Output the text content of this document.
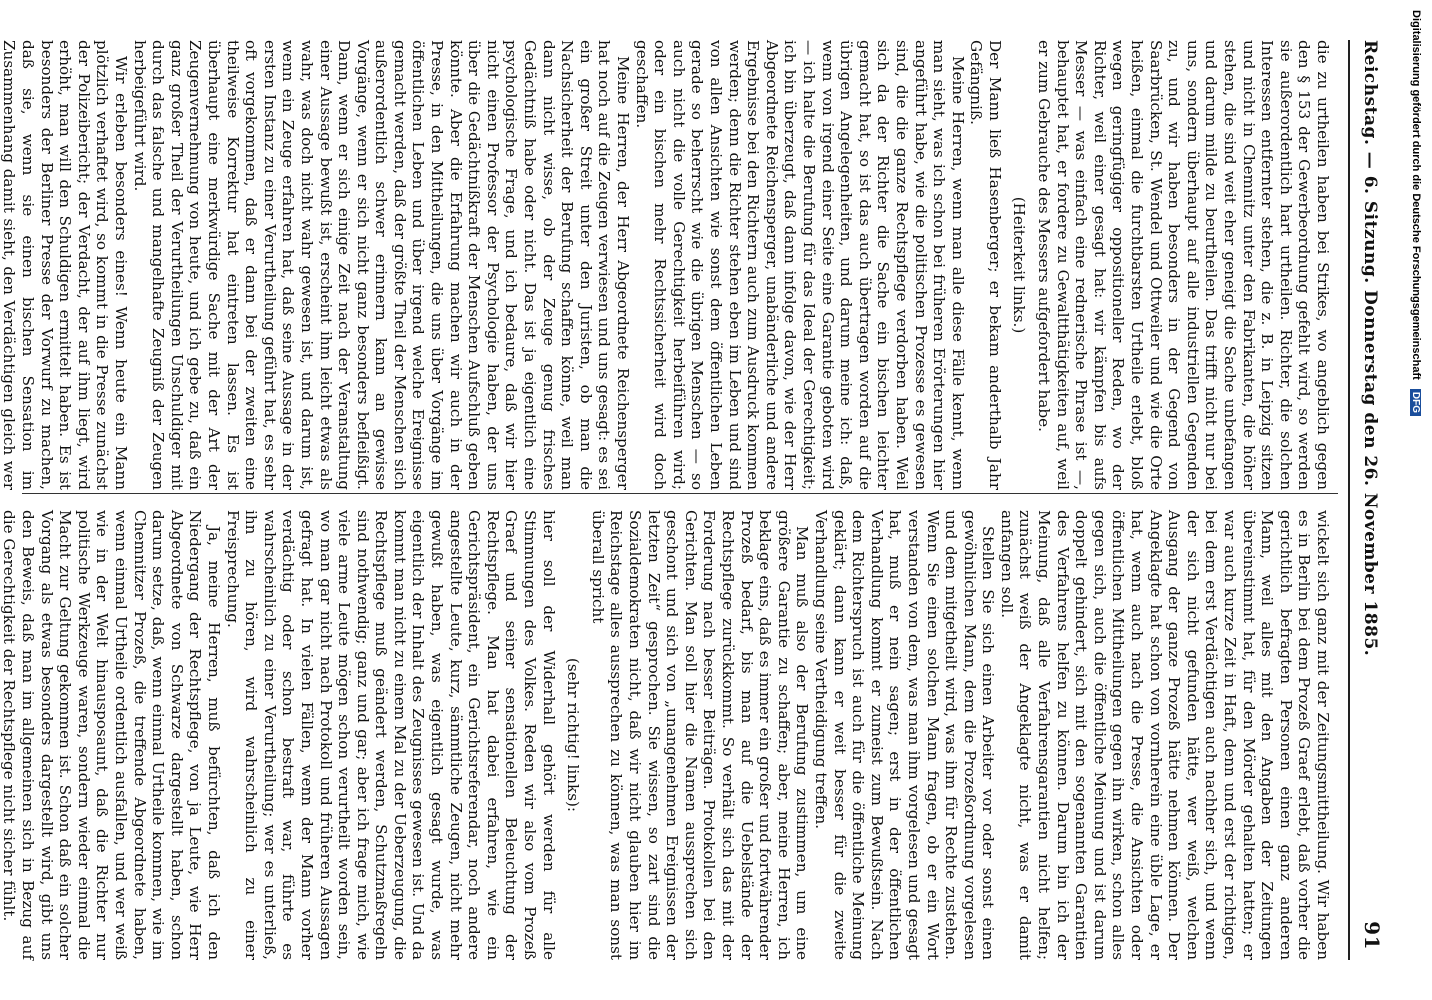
Reichstag. — 6. Sitzung. Donnerstag den 26. November 1885.
91

die zu urtheilen haben bei Strikes, wo angeblich gegen den § 153 der Gewerbeordnung gefehlt wird, so werden sie außerordentlich hart urtheilen. Richter, die solchen Interessen entfernter stehen, die z. B. in Leipzig sitzen und nicht in Chemnitz unter den Fabrikanten, die höher stehen, die sind weit eher geneigt die Sache unbefangen und darum milde zu beurtheilen. Das trifft nicht nur bei uns, sondern überhaupt auf alle industriellen Gegenden zu, und wir haben besonders in der Gegend von Saarbrücken, St. Wendel und Ottweiler und wie die Orte heißen, einmal die furchtbarsten Urtheile erlebt, bloß wegen geringfügiger oppositioneller Reden, wo der Richter, weil einer gesagt hat: wir kämpfen bis aufs Messer — was einfach eine rednerische Phrase ist —, behauptet hat, er fordere zu Gewaltthätigkeiten auf, weil er zum Gebrauche des Messers aufgefordert habe.

(Heiterkeit links.)

Der Mann ließ Hasenberger; er bekam anderthalb Jahr Gefängniß.

Meine Herren, wenn man alle diese Fälle kennt, wenn man sieht, was ich schon bei früheren Erörterungen hier angeführt habe, wie die politischen Prozesse es gewesen sind, die die ganze Rechtspflege verdorben haben. Weil sich da der Richter die Sache ein bischen leichter gemacht hat, so ist das auch übertragen worden auf die übrigen Angelegenheiten, und darum meine ich: daß, wenn von irgend einer Seite eine Garantie geboten wird — ich halte die Berufung für das Ideal der Gerechtigkeit; ich bin überzeugt, daß dann infolge davon, wie der Herr Abgeordnete Reichensperger, unabänderliche und andere Ergebnisse bei den Richtern auch zum Ausdruck kommen werden; denn die Richter stehen eben im Leben und sind von allen Ansichten wie sonst dem öffentlichen Leben gerade so beherrscht wie die übrigen Menschen — so auch nicht die volle Gerechtigkeit herbeiführen wird; oder ein bischen mehr Rechtssicherheit wird doch geschaffen.

Meine Herren, der Herr Abgeordnete Reichensperger hat noch auf die Zeugen verwiesen und uns gesagt: es sei ein großer Streit unter den Juristen, ob man die Nachsicherheit der Berufung schaffen könne, weil man dann nicht wisse, ob der Zeuge genug frisches Gedächtniß habe oder nicht. Das ist ja eigentlich eine psychologische Frage, und ich bedaure, daß wir hier nicht einen Professor der Psychologie haben, der uns über die Gedächtnißkraft der Menschen Aufschluß geben könnte. Aber die Erfahrung machen wir auch in der Presse, in den Mittheilungen, die uns über Vorgänge im öffentlichen Leben und über irgend welche Ereignisse gemacht werden, daß der größte Theil der Menschen sich außerordentlich schwer erinnern kann an gewisse Vorgänge, wenn er sich nicht ganz besonders befleißigt. Dann, wenn er sich einige Zeit nach der Veranstaltung einer Aussage bewußt ist, erscheint ihm leicht etwas als wahr, was doch nicht wahr gewesen ist, und darum ist, wenn ein Zeuge erfahren hat, daß seine Aussage in der ersten Instanz zu einer Verurtheilung geführt hat, es sehr oft vorgekommen, daß er dann bei der zweiten eine theilweise Korrektur hat eintreten lassen. Es ist überhaupt eine merkwürdige Sache mit der Art der Zeugenvernehmung von heute, und ich gebe zu, daß ein ganz großer Theil der Verurtheilungen Unschuldiger mit durch das falsche und mangelhafte Zeugniß der Zeugen herbeigeführt wird.

Wir erleben besonders eines! Wenn heute ein Mann plötzlich verhaftet wird, so kommt in die Presse zunächst der Polizeibericht; der Verdacht, der auf ihm liegt, wird erhöht, man will den Schuldigen ermittelt haben. Es ist besonders der Berliner Presse der Vorwurf zu machen, daß sie, wenn sie einen bischen Sensation im Zusammenhang damit sieht, den Verdächtigen gleich wer

wickelt sich ganz mit der Zeitungsmittheilung. Wir haben es in Berlin bei dem Prozeß Graef erlebt, daß vorher die gerichtlich befragten Personen einen ganz anderen Mann, weil alles mit den Angaben der Zeitungen übereinstimmt hat, für den Mörder gehalten hatten; er war auch kurze Zeit in Haft, denn und erst der richtigen, bei dem erst Verdächtigen auch nachher sich, und wenn der sich nicht gefunden hätte, wer weiß, welchen Ausgang der ganze Prozeß hätte nehmen können. Der Angeklagte hat schon von vornherein eine üble Lage, er hat, wenn auch nach die Presse, die Ansichten oder öffentlichen Mittheilungen gegen ihn wirken, schon alles gegen sich, auch die öffentliche Meinung und ist darum doppelt gehindert, sich mit den sogenannten Garantien des Verfahrens helfen zu können. Darum bin ich der Meinung, daß alle Verfahrensgarantien nicht helfen; zunächst weiß der Angeklagte nicht, was er damit anfangen soll.

Stellen Sie sich einen Arbeiter vor oder sonst einen gewöhnlichen Mann, dem die Prozeßordnung vorgelesen und dem mitgetheilt wird, was ihm für Rechte zustehen. Wenn Sie einen solchen Mann fragen, ob er ein Wort verstanden von dem, was man ihm vorgelesen und gesagt hat, muß er nein sagen; erst in der öffentlichen Verhandlung kommt er zumeist zum Bewußtsein. Nach dem Richterspruch ist auch für die öffentliche Meinung geklärt; dann kann er weit besser für die zweite Verhandlung seine Vertheidigung treffen.

Man muß also der Berufung zustimmen, um eine größere Garantie zu schaffen; aber, meine Herren, ich beklage eins, daß es immer ein großer und fortwährender Prozeß bedarf, bis man auf die Uebelstände der Rechtspflege zurückkommt. So verhält sich das mit der Forderung nach besser Beiträgen. Protokollen bei den Gerichten. Man soll hier die Namen aussprechen sich geschont und sich von „unangenehmen Ereignissen der letzten Zeit“ gesprochen. Sie wissen, so zart sind die Sozialdemokraten nicht, daß wir nicht glauben hier im Reichstage alles aussprechen zu können, was man sonst überall spricht

(sehr richtig! links):

hier soll der Widerhall gehört werden für alle Stimmungen des Volkes. Reden wir also vom Prozeß Graef und seiner sensationellen Beleuchtung der Rechtspflege. Man hat dabei erfahren, wie ein Gerichtspräsident, ein Gerichtsreferendar, noch andere angestellte Leute, kurz, sämmtliche Zeugen, nicht mehr gewußt haben, was eigentlich gesagt wurde, was eigentlich der Inhalt des Zeugnisses gewesen ist. Und da kommt man nicht zu einem Mal zu der Ueberzeugung, die Rechtspflege muß geändert werden, Schutzmaßregeln sind nothwendig; ganz und gar; aber ich frage mich, wie viele arme Leute mögen schon verurtheilt worden sein, wo man gar nicht nach Protokoll und früheren Aussagen gefragt hat. In vielen Fällen, wenn der Mann vorher verdächtig oder schon bestraft war, führte es wahrscheinlich zu einer Verurtheilung; wer es unterließ, ihn zu hören, wird wahrscheinlich zu einer Freisprechung.

Ja, meine Herren, muß befürchten, daß ich den Niedergang der Rechtspflege, von ja Leute, wie Herr Abgeordnete von Schwarze dargestellt haben, schon darum setze, daß, wenn einmal Urtheile kommen, wie im Chemnitzer Prozeß, die treffende Abgeordnete haben, wenn einmal Urtheile ordentlich ausfallen, und wer weiß wie in der Welt hinausposaunt, daß die Richter nur politische Werkzeuge waren, sondern wieder einmal die Macht zur Geltung gekommen ist. Schon daß ein solcher Vorgang als etwas besonders dargestellt wird, gibt uns den Beweis, daß man im allgemeinen sich in Bezug auf die Gerechtigkeit der Rechtspflege nicht sicher fühlt.

Digitalisierung gefördert durch die Deutsche Forschungsgemeinschaft DFG
